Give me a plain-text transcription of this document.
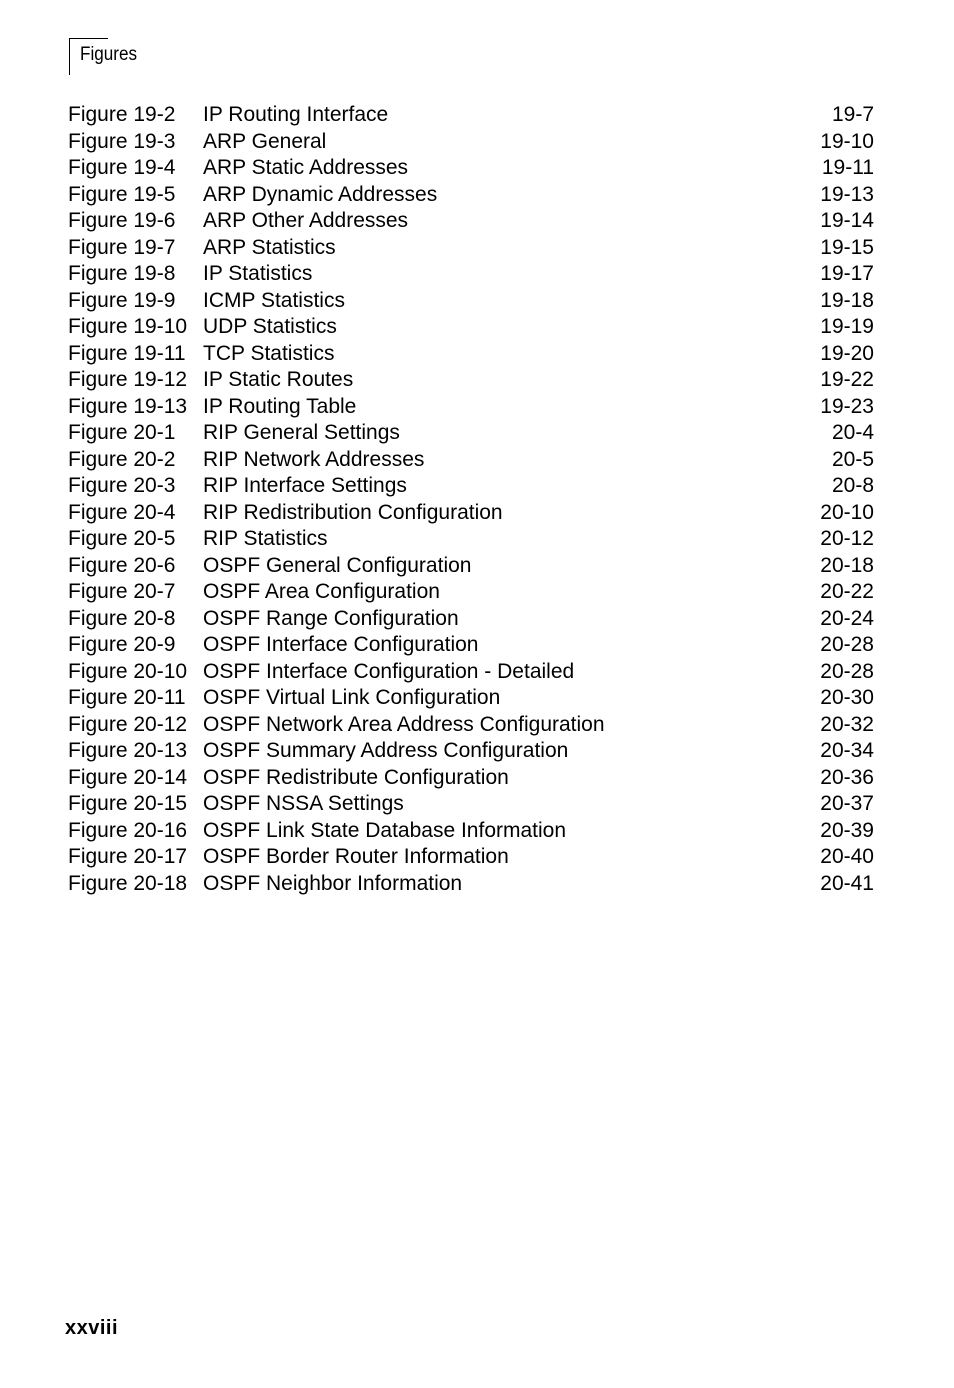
Figures
Figure 19-2 IP Routing Interface	19-7
Figure 19-3 ARP General	19-10
Figure 19-4 ARP Static Addresses	19-11
Figure 19-5 ARP Dynamic Addresses	19-13
Figure 19-6 ARP Other Addresses	19-14
Figure 19-7 ARP Statistics	19-15
Figure 19-8 IP Statistics	19-17
Figure 19-9 ICMP Statistics	19-18
Figure 19-10 UDP Statistics	19-19
Figure 19-11 TCP Statistics	19-20
Figure 19-12 IP Static Routes	19-22
Figure 19-13 IP Routing Table	19-23
Figure 20-1 RIP General Settings	20-4
Figure 20-2 RIP Network Addresses	20-5
Figure 20-3 RIP Interface Settings	20-8
Figure 20-4 RIP Redistribution Configuration	20-10
Figure 20-5 RIP Statistics	20-12
Figure 20-6 OSPF General Configuration	20-18
Figure 20-7 OSPF Area Configuration	20-22
Figure 20-8 OSPF Range Configuration	20-24
Figure 20-9 OSPF Interface Configuration	20-28
Figure 20-10 OSPF Interface Configuration - Detailed	20-28
Figure 20-11 OSPF Virtual Link Configuration	20-30
Figure 20-12 OSPF Network Area Address Configuration	20-32
Figure 20-13 OSPF Summary Address Configuration	20-34
Figure 20-14 OSPF Redistribute Configuration	20-36
Figure 20-15 OSPF NSSA Settings	20-37
Figure 20-16 OSPF Link State Database Information	20-39
Figure 20-17 OSPF Border Router Information	20-40
Figure 20-18 OSPF Neighbor Information	20-41
xxviii
